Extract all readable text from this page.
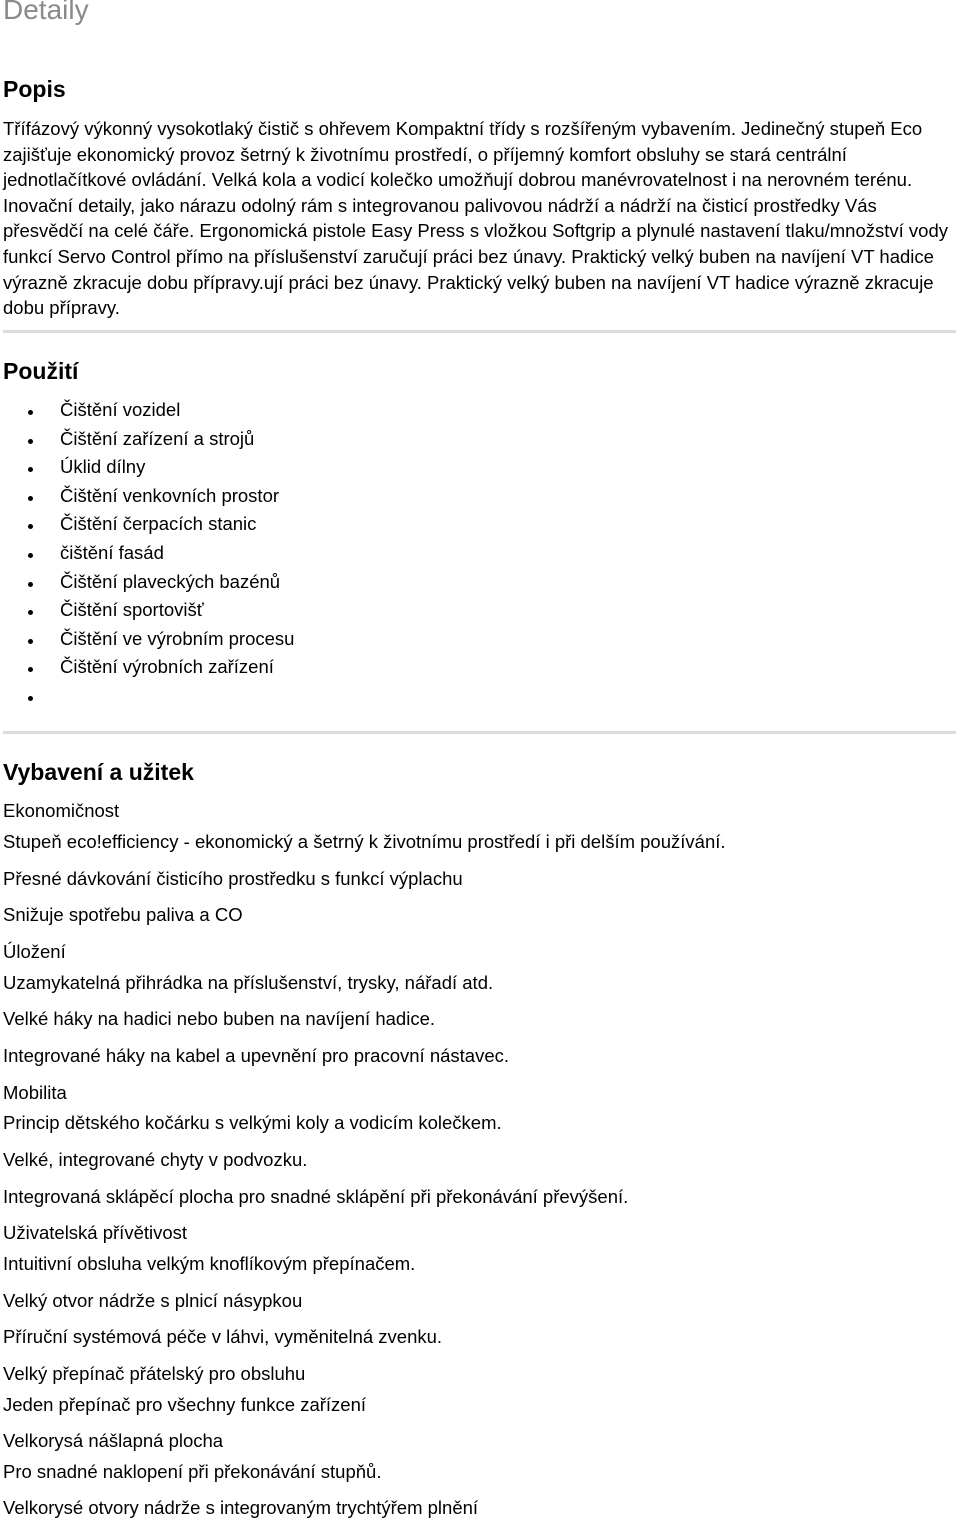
Detaily
Popis

Třífázový výkonný vysokotlaký čistič s ohřevem Kompaktní třídy s rozšířeným vybavením. Jedinečný stupeň Eco zajišťuje ekonomický provoz šetrný k životnímu prostředí, o příjemný komfort obsluhy se stará centrální jednotlačítkové ovládání. Velká kola a vodicí kolečko umožňují dobrou manévrovatelnost i na nerovném terénu. Inovační detaily, jako nárazu odolný rám s integrovanou palivovou nádrží a nádrží na čisticí prostředky Vás přesvědčí na celé čáře. Ergonomická pistole Easy Press s vložkou Softgrip a plynulé nastavení tlaku/množství vody funkcí Servo Control přímo na příslušenství zaručují práci bez únavy. Praktický velký buben na navíjení VT hadice výrazně zkracuje dobu přípravy.ují práci bez únavy. Praktický velký buben na navíjení VT hadice výrazně zkracuje dobu přípravy.

Použití
Čištění vozidel
Čištění zařízení a strojů
Úklid dílny
Čištění venkovních prostor
Čištění čerpacích stanic
čištění fasád
Čištění plaveckých bazénů
Čištění sportovišť
Čištění ve výrobním procesu
Čištění výrobních zařízení
Vybavení a užitek
Ekonomičnost
Stupeň eco!efficiency - ekonomický a šetrný k životnímu prostředí i při delším používání.
Přesné dávkování čisticího prostředku s funkcí výplachu
Snižuje spotřebu paliva a CO
Úložení
Uzamykatelná přihrádka na příslušenství, trysky, nářadí atd.
Velké háky na hadici nebo buben na navíjení hadice.
Integrované háky na kabel a upevnění pro pracovní nástavec.
Mobilita
Princip dětského kočárku s velkými koly a vodicím kolečkem.
Velké, integrované chyty v podvozku.
Integrovaná sklápěcí plocha pro snadné sklápění při překonávání převýšení.
Uživatelská přívětivost
Intuitivní obsluha velkým knoflíkovým přepínačem.
Velký otvor nádrže s plnicí násypkou
Příruční systémová péče v láhvi, vyměnitelná zvenku.
Velký přepínač přátelský pro obsluhu
Jeden přepínač pro všechny funkce zařízení
Velkorysá nášlapná plocha
Pro snadné naklopení při překonávání stupňů.
Velkorysé otvory nádrže s integrovaným trychtýřem plnění
